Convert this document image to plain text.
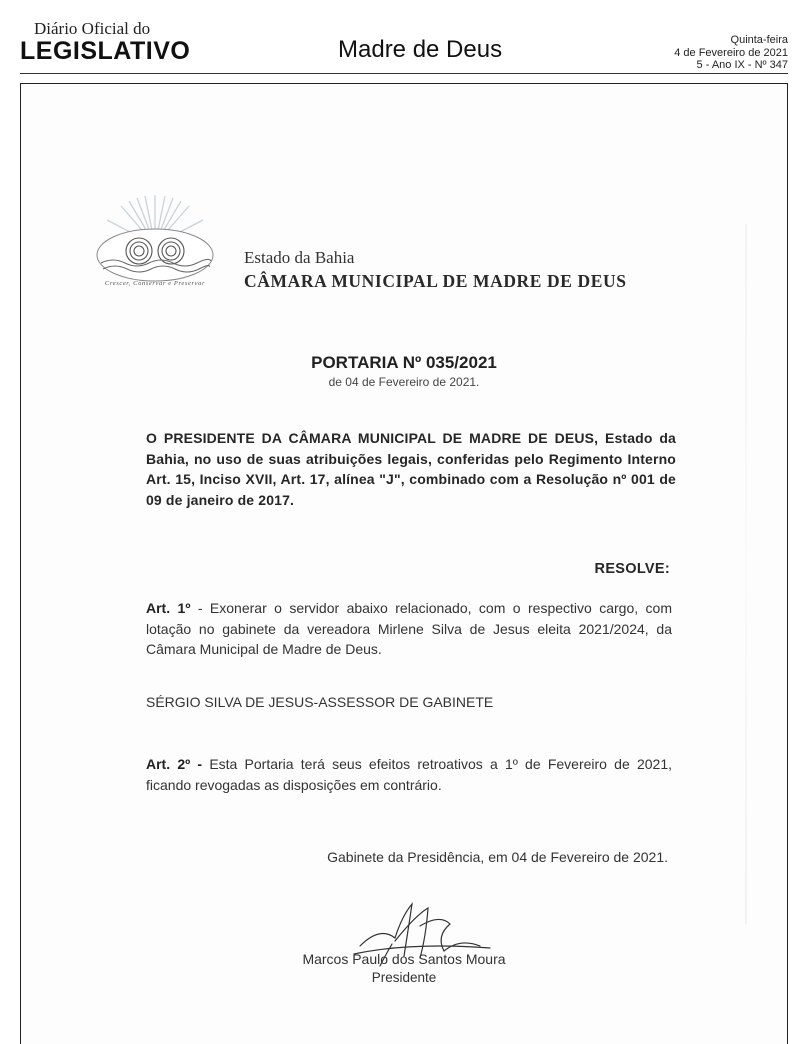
Diário Oficial do
LEGISLATIVO	Madre de Deus	Quinta-feira
4 de Fevereiro de 2021
5 - Ano IX - Nº 347
Crescer, Conservar e Preservar
Estado da Bahia
CÂMARA MUNICIPAL DE MADRE DE DEUS
PORTARIA Nº 035/2021
de 04 de Fevereiro de 2021.
O PRESIDENTE DA CÂMARA MUNICIPAL DE MADRE DE DEUS, Estado da Bahia, no uso de suas atribuições legais, conferidas pelo Regimento Interno Art. 15, Inciso XVII, Art. 17, alínea "J", combinado com a Resolução nº 001 de 09 de janeiro de 2017.
RESOLVE:
Art. 1º - Exonerar o servidor abaixo relacionado, com o respectivo cargo, com lotação no gabinete da vereadora Mirlene Silva de Jesus eleita 2021/2024, da Câmara Municipal de Madre de Deus.
SÉRGIO SILVA DE JESUS-ASSESSOR DE GABINETE
Art. 2º - Esta Portaria terá seus efeitos retroativos a 1º de Fevereiro de 2021, ficando revogadas as disposições em contrário.
Gabinete da Presidência, em 04 de Fevereiro de 2021.
Marcos Paulo dos Santos Moura
Presidente
